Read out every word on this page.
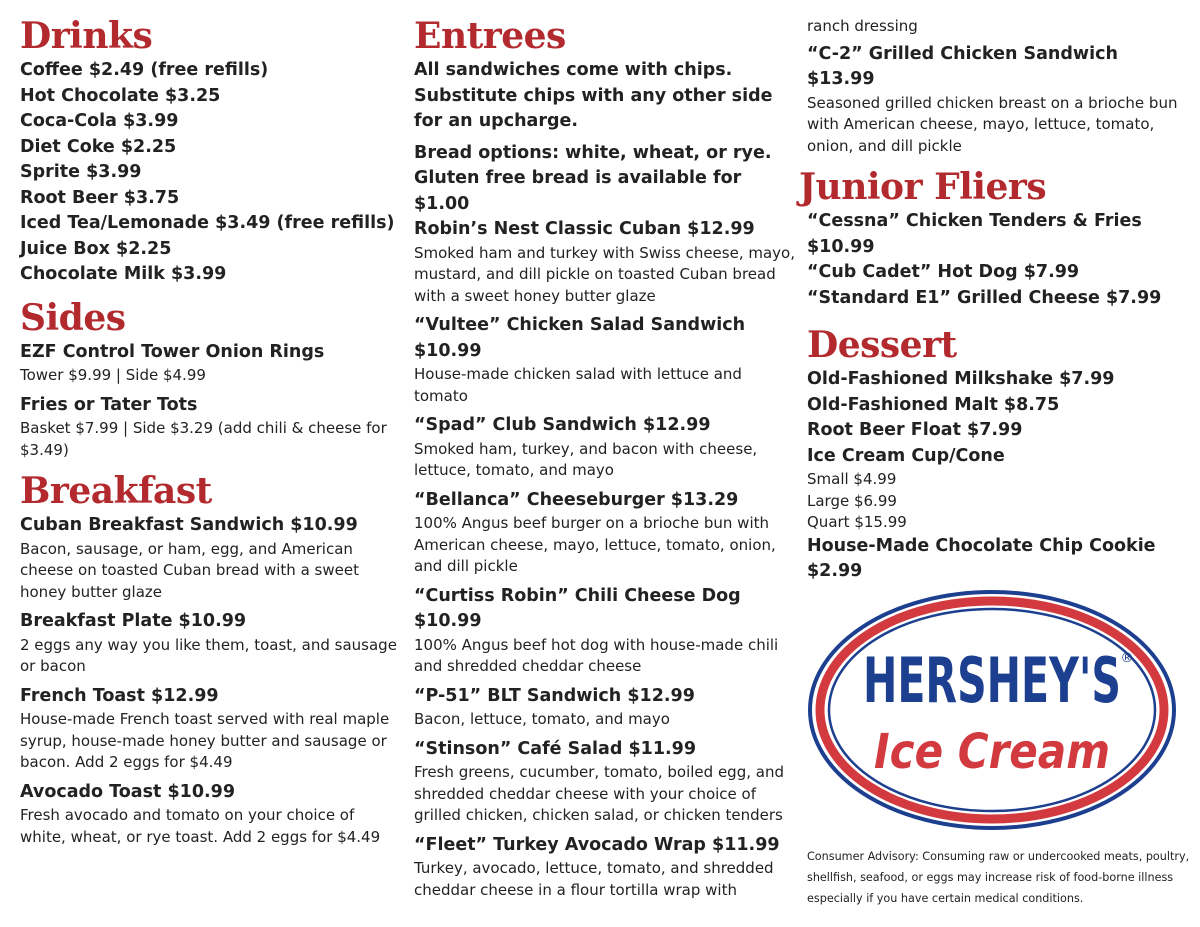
Drinks
Coffee $2.49 (free refills)
Hot Chocolate $3.25
Coca-Cola $3.99
Diet Coke $2.25
Sprite $3.99
Root Beer $3.75
Iced Tea/Lemonade $3.49 (free refills)
Juice Box $2.25
Chocolate Milk $3.99
Sides
EZF Control Tower Onion Rings
Tower $9.99 | Side $4.99
Fries or Tater Tots
Basket $7.99 | Side $3.29 (add chili & cheese for $3.49)
Breakfast
Cuban Breakfast Sandwich $10.99
Bacon, sausage, or ham, egg, and American cheese on toasted Cuban bread with a sweet honey butter glaze
Breakfast Plate $10.99
2 eggs any way you like them, toast, and sausage or bacon
French Toast $12.99
House-made French toast served with real maple syrup, house-made honey butter and sausage or bacon. Add 2 eggs for $4.49
Avocado Toast $10.99
Fresh avocado and tomato on your choice of white, wheat, or rye toast. Add 2 eggs for $4.49
Entrees
All sandwiches come with chips. Substitute chips with any other side for an upcharge.
Bread options: white, wheat, or rye. Gluten free bread is available for $1.00
Robin’s Nest Classic Cuban $12.99
Smoked ham and turkey with Swiss cheese, mayo, mustard, and dill pickle on toasted Cuban bread with a sweet honey butter glaze
“Vultee” Chicken Salad Sandwich $10.99
House-made chicken salad with lettuce and tomato
“Spad” Club Sandwich $12.99
Smoked ham, turkey, and bacon with cheese, lettuce, tomato, and mayo
“Bellanca” Cheeseburger $13.29
100% Angus beef burger on a brioche bun with American cheese, mayo, lettuce, tomato, onion, and dill pickle
“Curtiss Robin” Chili Cheese Dog $10.99
100% Angus beef hot dog with house-made chili and shredded cheddar cheese
“P-51” BLT Sandwich $12.99
Bacon, lettuce, tomato, and mayo
“Stinson” Café Salad $11.99
Fresh greens, cucumber, tomato, boiled egg, and shredded cheddar cheese with your choice of grilled chicken, chicken salad, or chicken tenders
“Fleet” Turkey Avocado Wrap $11.99
Turkey, avocado, lettuce, tomato, and shredded cheddar cheese in a flour tortilla wrap with
ranch dressing
“C-2” Grilled Chicken Sandwich $13.99
Seasoned grilled chicken breast on a brioche bun with American cheese, mayo, lettuce, tomato, onion, and dill pickle
Junior Fliers
“Cessna” Chicken Tenders & Fries $10.99
“Cub Cadet” Hot Dog $7.99
“Standard E1” Grilled Cheese $7.99
Dessert
Old-Fashioned Milkshake $7.99
Old-Fashioned Malt $8.75
Root Beer Float $7.99
Ice Cream Cup/Cone
Small $4.99
Large $6.99
Quart $15.99
House-Made Chocolate Chip Cookie $2.99
HERSHEY'S ®
Ice Cream
Consumer Advisory: Consuming raw or undercooked meats, poultry, shellfish, seafood, or eggs may increase risk of food-borne illness especially if you have certain medical conditions.
